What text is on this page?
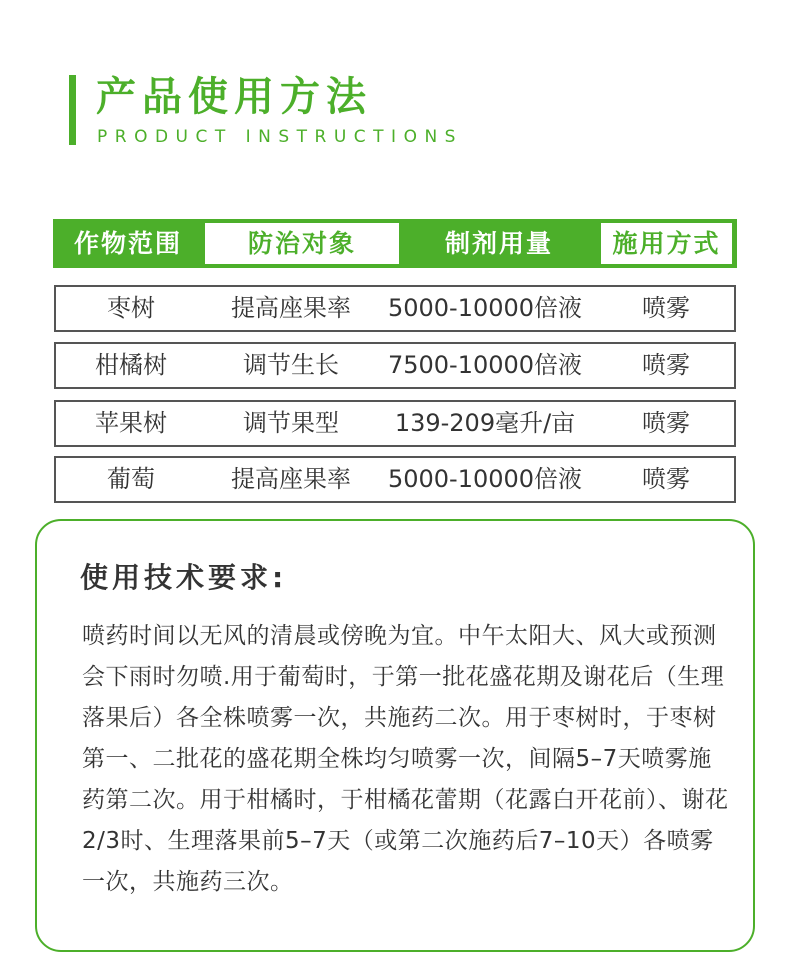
产品使用方法
PRODUCT INSTRUCTIONS
作物范围	防治对象	制剂用量	施用方式
枣树	提高座果率	5000-10000倍液	喷雾
柑橘树	调节生长	7500-10000倍液	喷雾
苹果树	调节果型	139-209毫升/亩	喷雾
葡萄	提高座果率	5000-10000倍液	喷雾
使用技术要求:
喷药时间以无风的清晨或傍晚为宜。中午太阳大、风大或预测会下雨时勿喷.用于葡萄时，于第一批花盛花期及谢花后（生理落果后）各全株喷雾一次，共施药二次。用于枣树时，于枣树第一、二批花的盛花期全株均匀喷雾一次，间隔5–7天喷雾施药第二次。用于柑橘时，于柑橘花蕾期（花露白开花前）、谢花2/3时、生理落果前5–7天（或第二次施药后7–10天）各喷雾一次，共施药三次。
